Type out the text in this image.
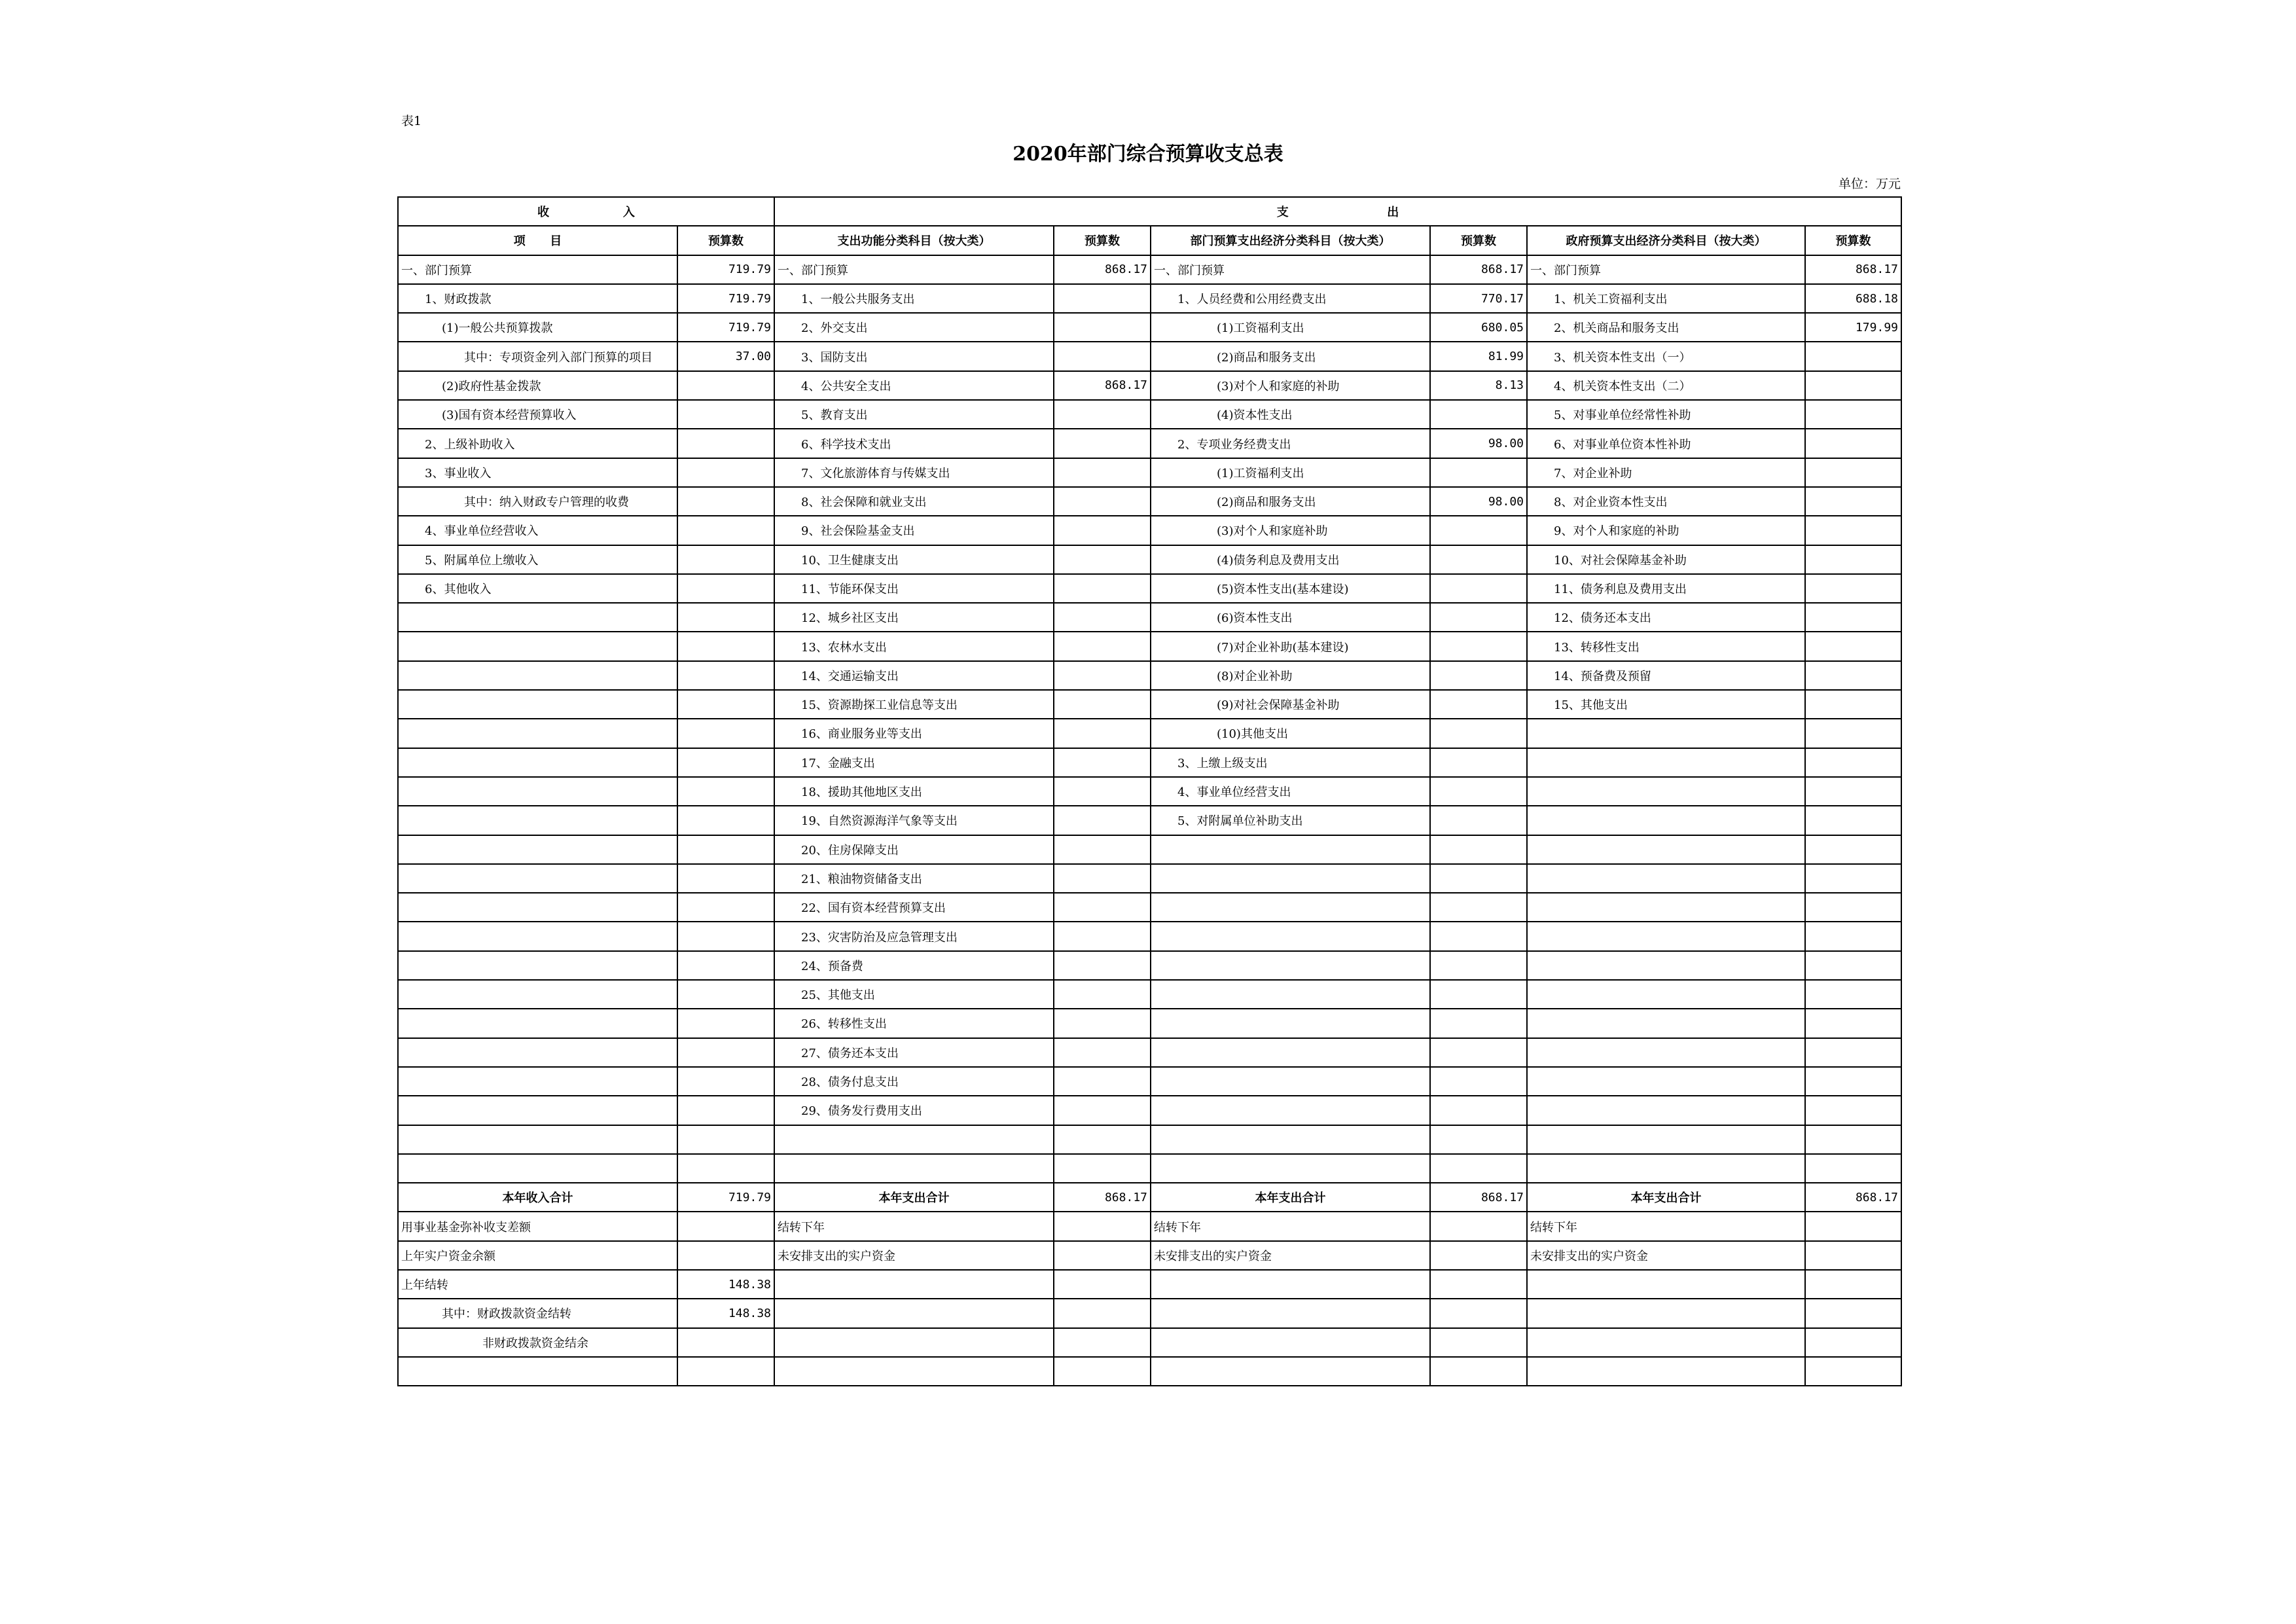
表1
2020年部门综合预算收支总表
单位：万元
收                  入		支                        出					
项      目	预算数	支出功能分类科目（按大类）	预算数	部门预算支出经济分类科目（按大类）	预算数	政府预算支出经济分类科目（按大类）	预算数
一、部门预算	719.79	一、部门预算	868.17	一、部门预算	868.17	一、部门预算	868.17
1、财政拨款	719.79	1、一般公共服务支出		1、人员经费和公用经费支出	770.17	1、机关工资福利支出	688.18
(1)一般公共预算拨款	719.79	2、外交支出		(1)工资福利支出	680.05	2、机关商品和服务支出	179.99
其中：专项资金列入部门预算的项目	37.00	3、国防支出		(2)商品和服务支出	81.99	3、机关资本性支出（一）	
(2)政府性基金拨款		4、公共安全支出	868.17	(3)对个人和家庭的补助	8.13	4、机关资本性支出（二）	
(3)国有资本经营预算收入		5、教育支出		(4)资本性支出		5、对事业单位经常性补助	
2、上级补助收入		6、科学技术支出		2、专项业务经费支出	98.00	6、对事业单位资本性补助	
3、事业收入		7、文化旅游体育与传媒支出		(1)工资福利支出		7、对企业补助	
其中：纳入财政专户管理的收费		8、社会保障和就业支出		(2)商品和服务支出	98.00	8、对企业资本性支出	
4、事业单位经营收入		9、社会保险基金支出		(3)对个人和家庭补助		9、对个人和家庭的补助	
5、附属单位上缴收入		10、卫生健康支出		(4)债务利息及费用支出		10、对社会保障基金补助	
6、其他收入		11、节能环保支出		(5)资本性支出(基本建设)		11、债务利息及费用支出	
		12、城乡社区支出		(6)资本性支出		12、债务还本支出	
		13、农林水支出		(7)对企业补助(基本建设)		13、转移性支出	
		14、交通运输支出		(8)对企业补助		14、预备费及预留	
		15、资源勘探工业信息等支出		(9)对社会保障基金补助		15、其他支出	
		16、商业服务业等支出		(10)其他支出			
		17、金融支出		3、上缴上级支出			
		18、援助其他地区支出		4、事业单位经营支出			
		19、自然资源海洋气象等支出		5、对附属单位补助支出			
		20、住房保障支出					
		21、粮油物资储备支出					
		22、国有资本经营预算支出					
		23、灾害防治及应急管理支出					
		24、预备费					
		25、其他支出					
		26、转移性支出					
		27、债务还本支出					
		28、债务付息支出					
		29、债务发行费用支出					

本年收入合计	719.79	本年支出合计	868.17	本年支出合计	868.17	本年支出合计	868.17
用事业基金弥补收支差额		结转下年		结转下年		结转下年	
上年实户资金余额		未安排支出的实户资金		未安排支出的实户资金		未安排支出的实户资金	
上年结转	148.38						
其中：财政拨款资金结转	148.38						
非财政拨款资金结余							
